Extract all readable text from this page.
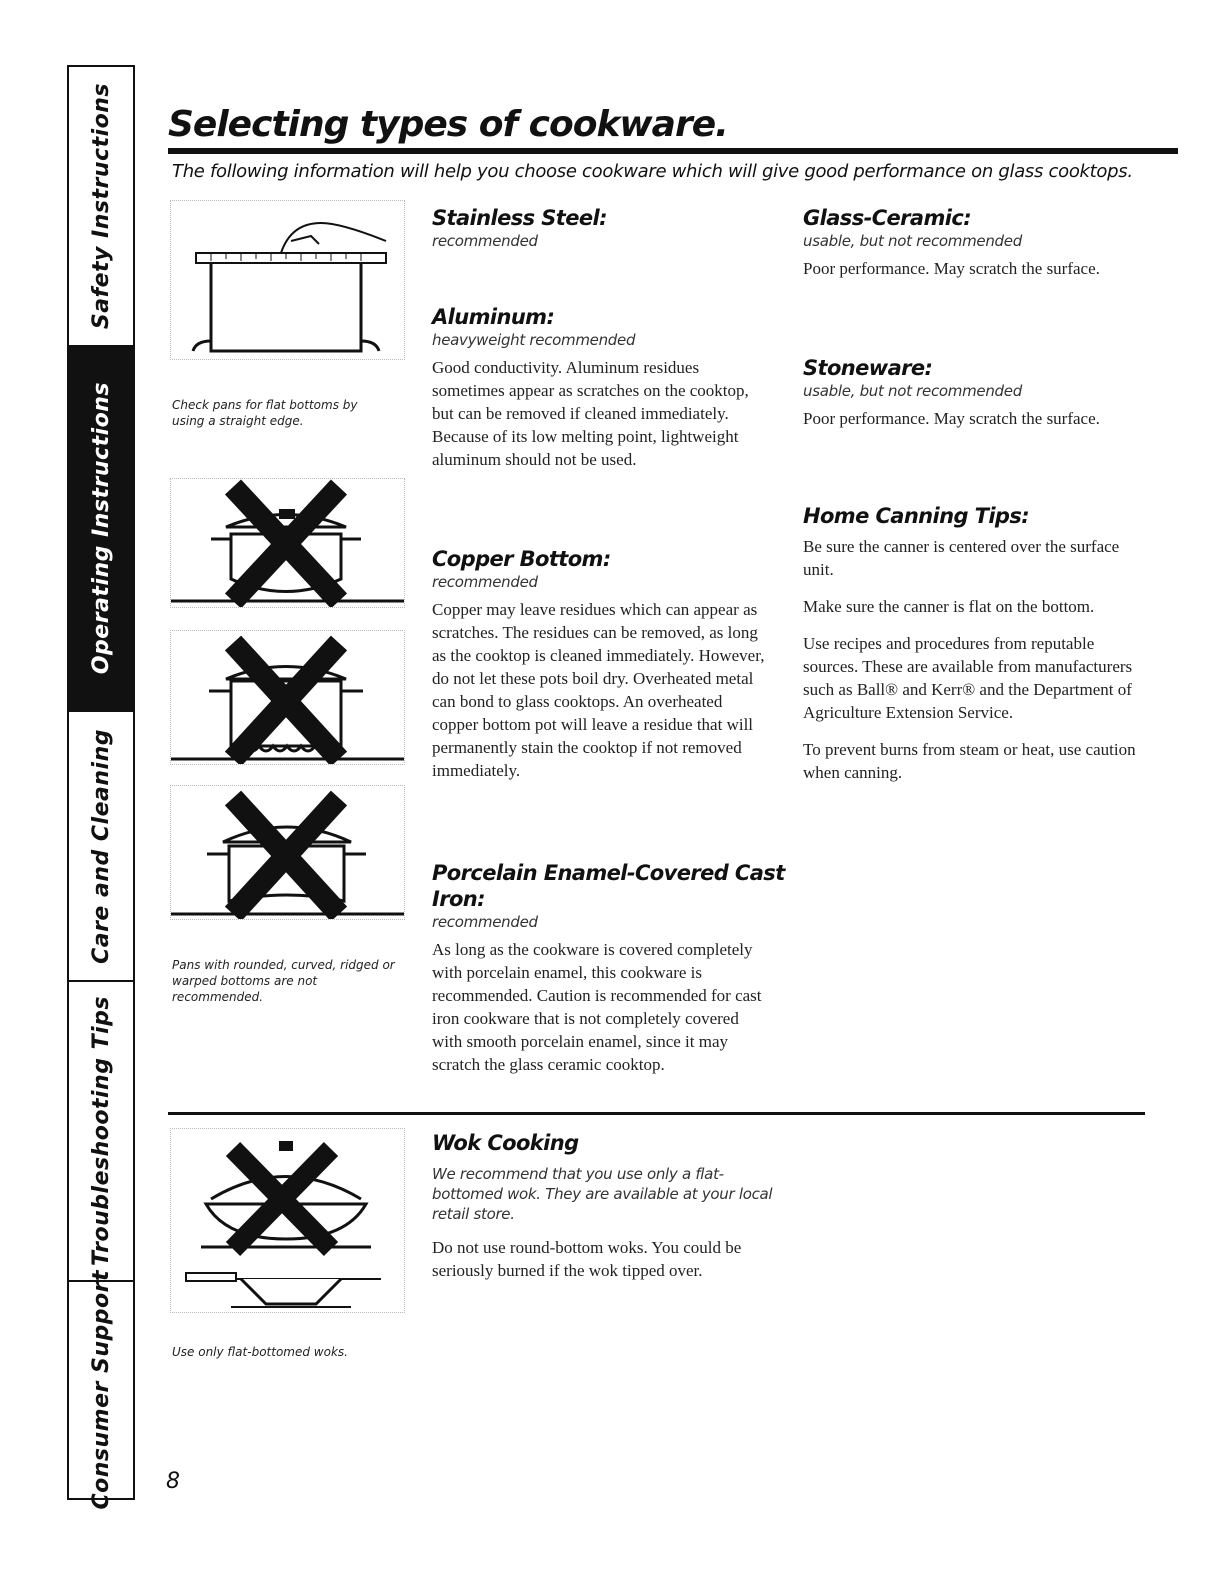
Safety Instructions
Operating Instructions
Care and Cleaning
Troubleshooting Tips
Consumer Support
Selecting types of cookware.
The following information will help you choose cookware which will give good performance on glass cooktops.
Check pans for flat bottoms by using a straight edge.
Pans with rounded, curved, ridged or warped bottoms are not recommended.

Stainless Steel:

recommended

Aluminum:

heavyweight recommended

Good conductivity. Aluminum residues sometimes appear as scratches on the cooktop, but can be removed if cleaned immediately. Because of its low melting point, lightweight aluminum should not be used.

Copper Bottom:

recommended

Copper may leave residues which can appear as scratches. The residues can be removed, as long as the cooktop is cleaned immediately. However, do not let these pots boil dry. Overheated metal can bond to glass cooktops. An overheated copper bottom pot will leave a residue that will permanently stain the cooktop if not removed immediately.

Porcelain Enamel-Covered Cast Iron:

recommended

As long as the cookware is covered completely with porcelain enamel, this cookware is recommended. Caution is recommended for cast iron cookware that is not completely covered with smooth porcelain enamel, since it may scratch the glass ceramic cooktop.

Glass-Ceramic:

usable, but not recommended

Poor performance. May scratch the surface.

Stoneware:

usable, but not recommended

Poor performance. May scratch the surface.

Home Canning Tips:

Be sure the canner is centered over the surface unit.

Make sure the canner is flat on the bottom.

Use recipes and procedures from reputable sources. These are available from manufacturers such as Ball® and Kerr® and the Department of Agriculture Extension Service.

To prevent burns from steam or heat, use caution when canning.

Use only flat-bottomed woks.

Wok Cooking

We recommend that you use only a flat-bottomed wok. They are available at your local retail store.

Do not use round-bottom woks. You could be seriously burned if the wok tipped over.

8
